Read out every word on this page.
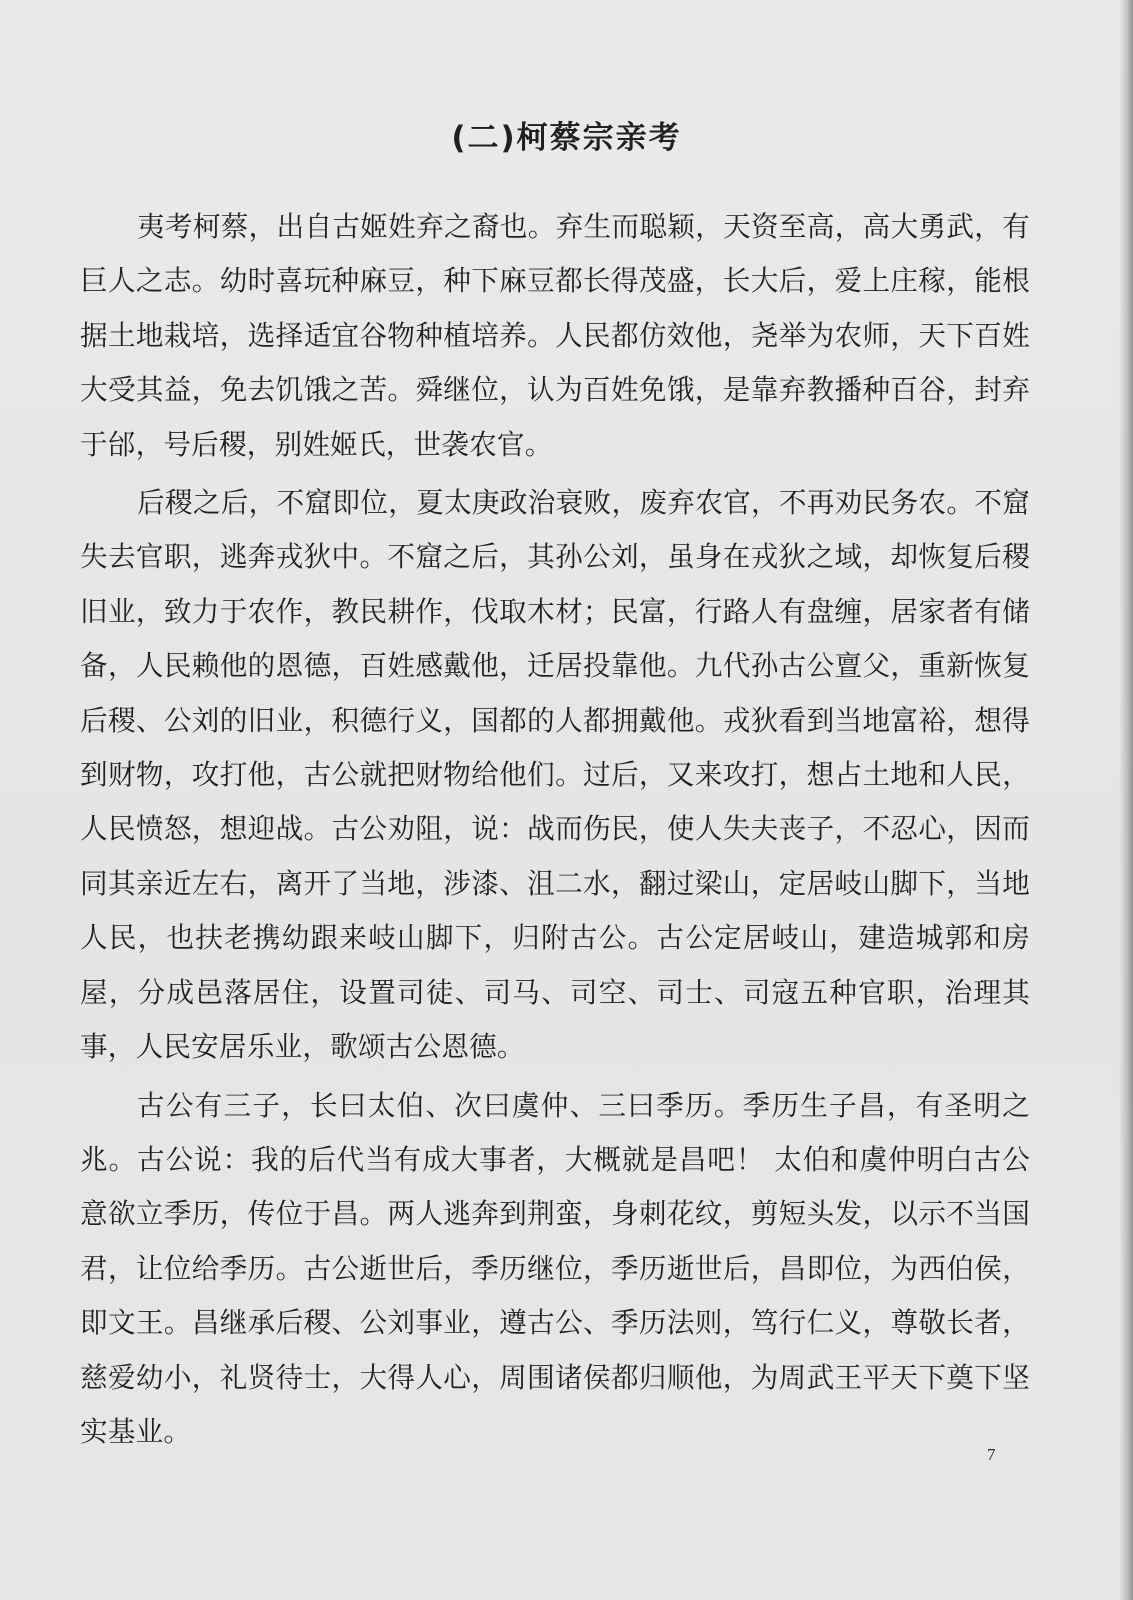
(二)柯蔡宗亲考

夷考柯蔡，出自古姬姓弃之裔也。弃生而聪颖，天资至高，高大勇武，有巨人之志。幼时喜玩种麻豆，种下麻豆都长得茂盛，长大后，爱上庄稼，能根据土地栽培，选择适宜谷物种植培养。人民都仿效他，尧举为农师，天下百姓大受其益，免去饥饿之苦。舜继位，认为百姓免饿，是靠弃教播种百谷，封弃于邰，号后稷，别姓姬氏，世袭农官。

后稷之后，不窟即位，夏太庚政治衰败，废弃农官，不再劝民务农。不窟失去官职，逃奔戎狄中。不窟之后，其孙公刘，虽身在戎狄之域，却恢复后稷旧业，致力于农作，教民耕作，伐取木材；民富，行路人有盘缠，居家者有储备，人民赖他的恩德，百姓感戴他，迁居投靠他。九代孙古公亶父，重新恢复后稷、公刘的旧业，积德行义，国都的人都拥戴他。戎狄看到当地富裕，想得到财物，攻打他，古公就把财物给他们。过后，又来攻打，想占土地和人民，人民愤怒，想迎战。古公劝阻，说：战而伤民，使人失夫丧子，不忍心，因而同其亲近左右，离开了当地，涉漆、沮二水，翻过梁山，定居岐山脚下，当地人民，也扶老携幼跟来岐山脚下，归附古公。古公定居岐山，建造城郭和房屋，分成邑落居住，设置司徒、司马、司空、司士、司寇五种官职，治理其事，人民安居乐业，歌颂古公恩德。

古公有三子，长曰太伯、次曰虞仲、三曰季历。季历生子昌，有圣明之兆。古公说：我的后代当有成大事者，大概就是昌吧！ 太伯和虞仲明白古公意欲立季历，传位于昌。两人逃奔到荆蛮，身刺花纹，剪短头发，以示不当国君，让位给季历。古公逝世后，季历继位，季历逝世后，昌即位，为西伯侯，即文王。昌继承后稷、公刘事业，遵古公、季历法则，笃行仁义，尊敬长者，慈爱幼小，礼贤待士，大得人心，周围诸侯都归顺他，为周武王平天下奠下坚实基业。

7
